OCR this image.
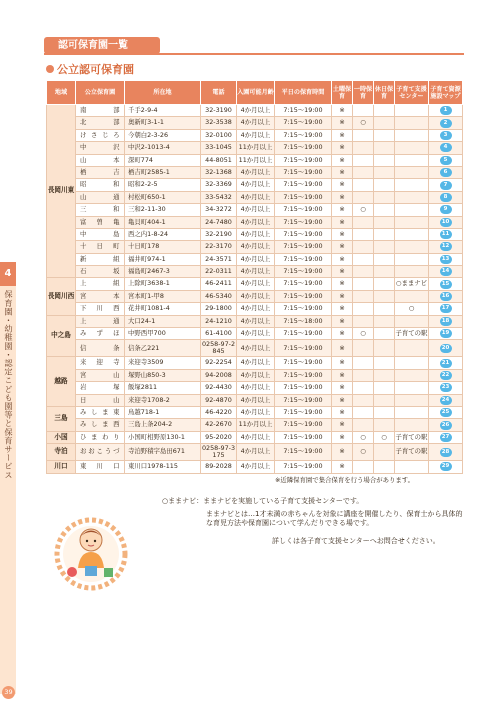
4
保育園・幼稚園・認定こども園等と保育サービス
39
認可保育園一覧
公立認可保育園
地域	公立保育園	所在地	電話	入園可能月齢	平日の保育時間	土曜保育	一時保育	休日保育	子育て支援センター	子育て資源施設マップ
長岡川東	南部	千手2-9-4	32-3190	4か月以上	7:15～19:00	※				1
	北部	奥新町3-1-1	32-3538	4か月以上	7:15～19:00	※	○			2
	けさじろ	今朝白2-3-26	32-0100	4か月以上	7:15～19:00	※				3
	中沢	中沢2-1013-4	33-1045	11か月以上	7:15～19:00	※				4
	山本	深町774	44-8051	11か月以上	7:15～19:00	※				5
	栖吉	栖吉町2585-1	32-1368	4か月以上	7:15～19:00	※				6
	昭和	昭和2-2-5	32-3369	4か月以上	7:15～19:00	※				7
	山通	村松町650-1	33-5432	4か月以上	7:15～19:00	※				8
	三和	三和2-11-30	34-3272	4か月以上	7:15～19:00	※	○			9
	富曽亀	亀貝町404-1	24-7480	4か月以上	7:15～19:00	※				10
	中島	西之内1-8-24	32-2190	4か月以上	7:15～19:00	※				11
	十日町	十日町178	22-3170	4か月以上	7:15～19:00	※				12
	新組	福井町974-1	24-3571	4か月以上	7:15～19:00	※				13
	石坂	福島町2467-3	22-0311	4か月以上	7:15～19:00	※				14
長岡川西	上組	上除町3638-1	46-2411	4か月以上	7:15～19:00	※			○ままナビ	15
	宮本	宮本町1-甲8	46-5340	4か月以上	7:15～19:00	※				16
	下川西	花井町1081-4	29-1800	4か月以上	7:15～19:00	※			○	17
中之島	上通	大口24-1	24-1210	4か月以上	7:15～18:00	※				18
	みずほ	中野西甲700	61-4100	4か月以上	7:15～19:00	※	○		子育ての駅	19
	信条	信条乙221	0258-97-2845	4か月以上	7:15～19:00	※				20
越路	来迎寺	来迎寺3509	92-2254	4か月以上	7:15～19:00	※				21
	宮山	塚野山850-3	94-2008	4か月以上	7:15～19:00	※				22
	岩塚	飯塚2811	92-4430	4か月以上	7:15～19:00	※				23
	日山	来迎寺1708-2	92-4870	4か月以上	7:15～19:00	※				24
三島	みしま東	鳥越718-1	46-4220	4か月以上	7:15～19:00	※				25
	みしま西	三島上条204-2	42-2670	11か月以上	7:15～19:00	※				26
小国	ひまわり	小国町相野原130-1	95-2020	4か月以上	7:15～19:00	※	○	○	子育ての駅	27
寺泊	おおこうづ	寺泊野積字島田671	0258-97-3175	4か月以上	7:15～19:00	※	○		子育ての駅	28
川口	東川口	東川口1978-115	89-2028	4か月以上	7:15～19:00	※				29
※近隣保育園で集合保育を行う場合があります。
○ままナビ：ままナビを実施している子育て支援センターです。
ままナビとは…1才未満の赤ちゃんを対象に講座を開催したり、保育士から具体的な育児方法や保育園について学んだりできる場です。
詳しくは各子育て支援センターへお問合せください。
